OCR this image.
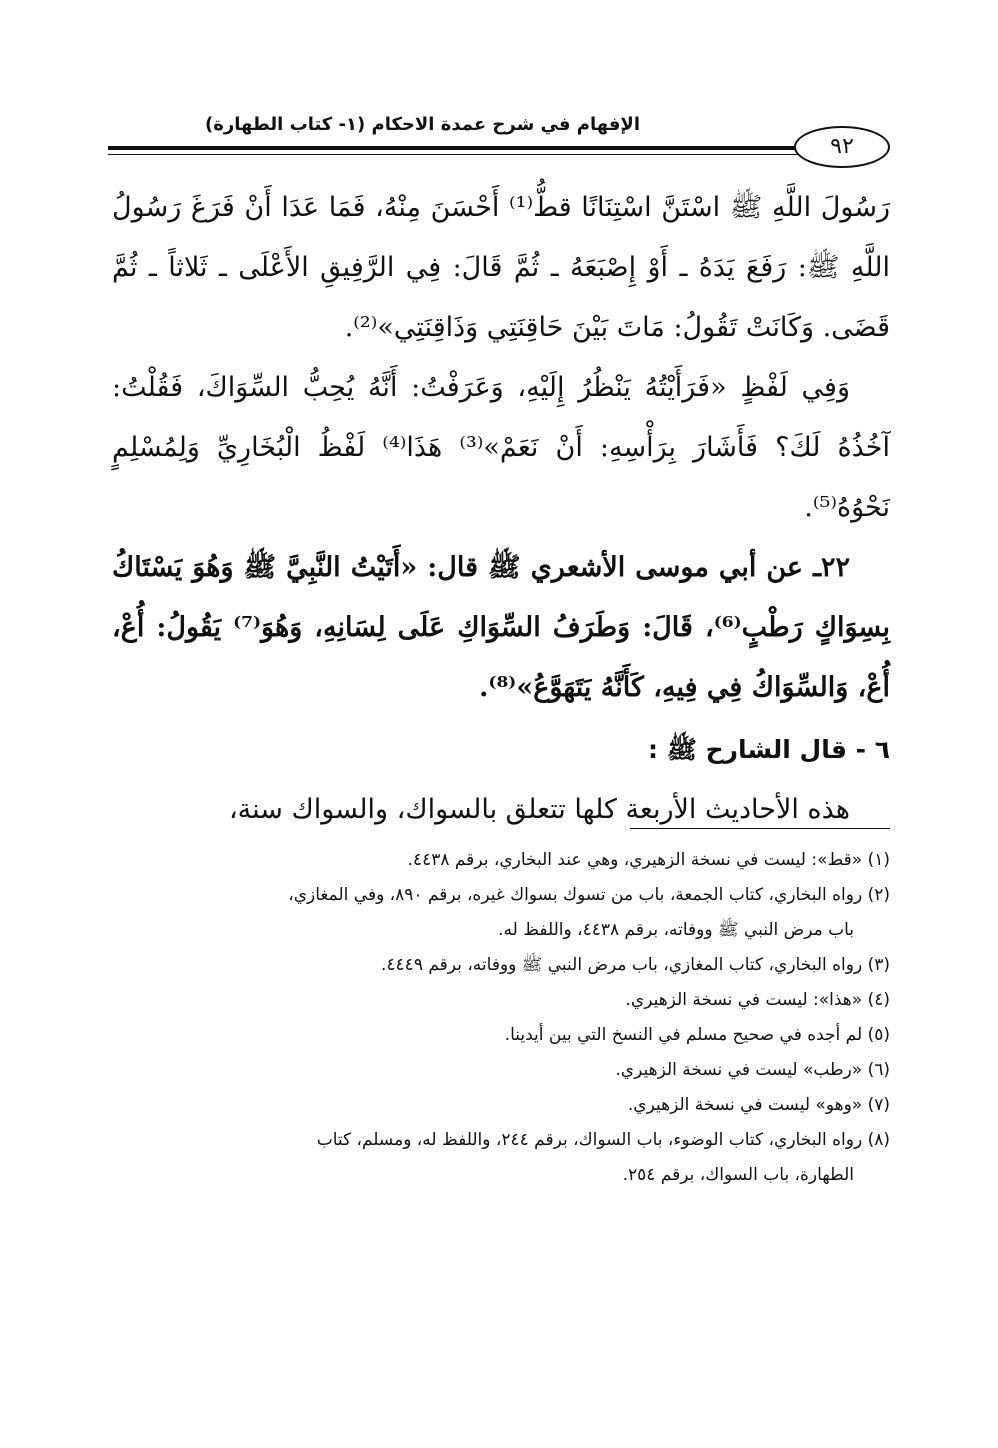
الإفهام في شرح عمدة الاحكام (١- كتاب الطهارة)
٩٢

رَسُولَ اللَّهِ ﷺ اسْتَنَّ اسْتِنَانًا قطُّ⁽¹⁾ أَحْسَنَ مِنْهُ، فَمَا عَدَا أَنْ فَرَغَ رَسُولُ اللَّهِ ﷺ: رَفَعَ يَدَهُ ـ أَوْ إِصْبَعَهُ ـ ثُمَّ قَالَ: فِي الرَّفِيقِ الأَعْلَى ـ ثَلاثاً ـ ثُمَّ قَضَى. وَكَانَتْ تَقُولُ: مَاتَ بَيْنَ حَاقِنَتِي وَذَاقِنَتِي»⁽²⁾.

وَفِي لَفْظٍ «فَرَأَيْتُهُ يَنْظُرُ إِلَيْهِ، وَعَرَفْتُ: أَنَّهُ يُحِبُّ السِّوَاكَ، فَقُلْتُ: آخُذُهُ لَكَ؟ فَأَشَارَ بِرَأْسِهِ: أَنْ نَعَمْ»⁽³⁾ هَذَا⁽⁴⁾ لَفْظُ الْبُخَارِيِّ وَلِمُسْلِمٍ نَحْوُهُ⁽⁵⁾.

٢٢ـ عن أبي موسى الأشعري ﷺ قال: «أَتَيْتُ النَّبِيَّ ﷺ وَهُوَ يَسْتَاكُ بِسِوَاكٍ رَطْبٍ⁽⁶⁾، قَالَ: وَطَرَفُ السِّوَاكِ عَلَى لِسَانِهِ، وَهُوَ⁽⁷⁾ يَقُولُ: أُعْ، أُعْ، وَالسِّوَاكُ فِي فِيهِ، كَأَنَّهُ يَتَهَوَّعُ»⁽⁸⁾.

٦ - قال الشارح ﷺ :

هذه الأحاديث الأربعة كلها تتعلق بالسواك، والسواك سنة،

(١) «قط»: ليست في نسخة الزهيري، وهي عند البخاري، برقم ٤٤٣٨.

(٢) رواه البخاري، كتاب الجمعة، باب من تسوك بسواك غيره، برقم ٨٩٠، وفي المغازي،

باب مرض النبي ﷺ ووفاته، برقم ٤٤٣٨، واللفظ له.

(٣) رواه البخاري، كتاب المغازي، باب مرض النبي ﷺ ووفاته، برقم ٤٤٤٩.

(٤) «هذا»: ليست في نسخة الزهيري.

(٥) لم أجده في صحيح مسلم في النسخ التي بين أيدينا.

(٦) «رطب» ليست في نسخة الزهيري.

(٧) «وهو» ليست في نسخة الزهيري.

(٨) رواه البخاري، كتاب الوضوء، باب السواك، برقم ٢٤٤، واللفظ له، ومسلم، كتاب

الطهارة، باب السواك، برقم ٢٥٤.
